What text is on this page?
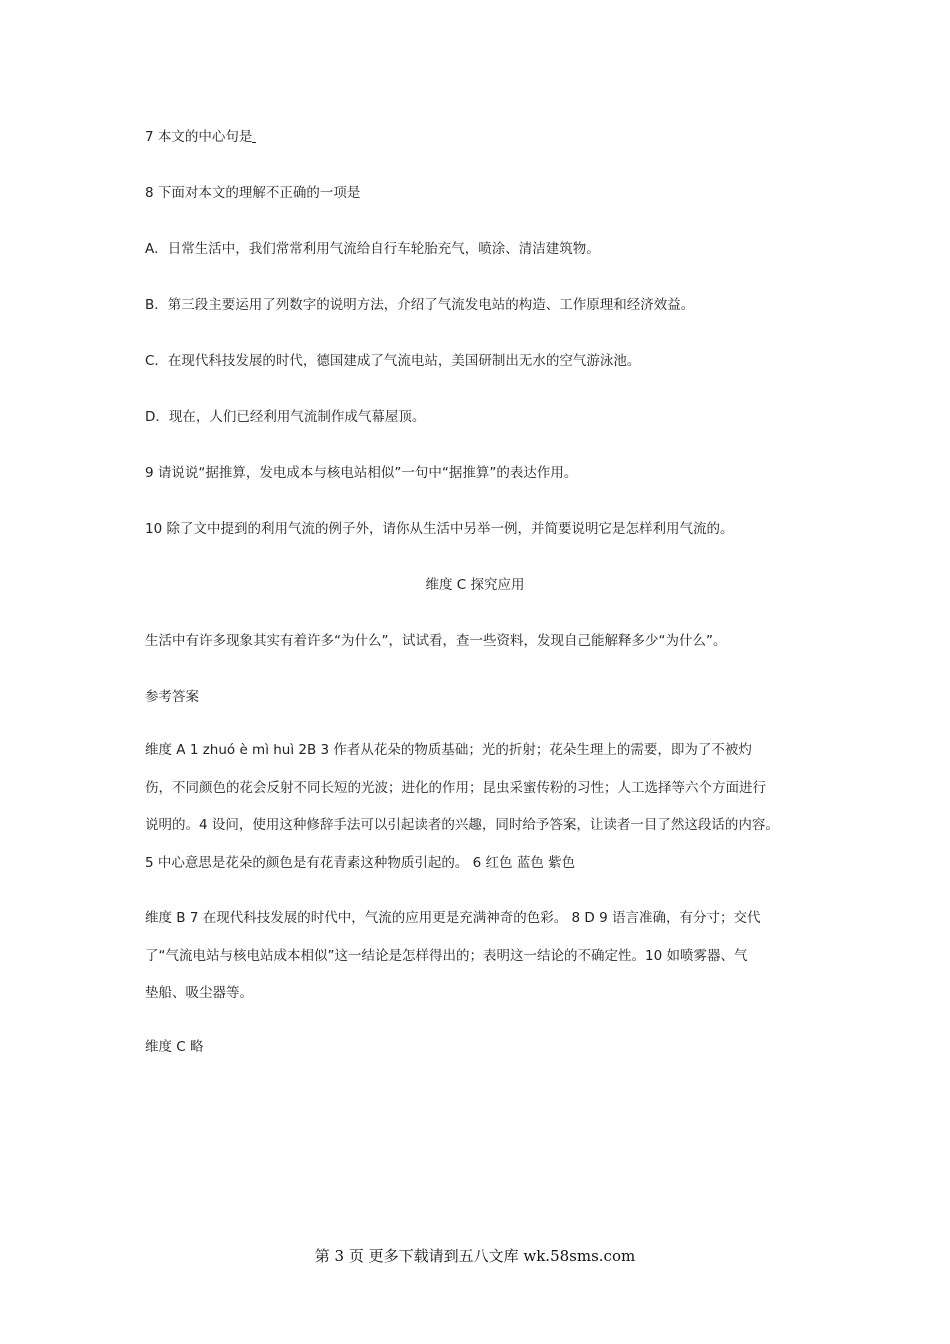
7 本文的中心句是
8 下面对本文的理解不正确的一项是
A．日常生活中，我们常常利用气流给自行车轮胎充气，喷涂、清洁建筑物。
B．第三段主要运用了列数字的说明方法，介绍了气流发电站的构造、工作原理和经济效益。
C．在现代科技发展的时代，德国建成了气流电站，美国研制出无水的空气游泳池。
D．现在，人们已经利用气流制作成气幕屋顶。
9 请说说“据推算，发电成本与核电站相似”一句中“据推算”的表达作用。
10 除了文中提到的利用气流的例子外，请你从生活中另举一例，并简要说明它是怎样利用气流的。
维度 C 探究应用
生活中有许多现象其实有着许多“为什么”，试试看，查一些资料，发现自己能解释多少“为什么”。
参考答案
维度 A 1 zhuó è mì huì 2B 3 作者从花朵的物质基础；光的折射；花朵生理上的需要，即为了不被灼
伤，不同颜色的花会反射不同长短的光波；进化的作用；昆虫采蜜传粉的习性；人工选择等六个方面进行
说明的。4 设问，使用这种修辞手法可以引起读者的兴趣，同时给予答案，让读者一目了然这段话的内容。
5 中心意思是花朵的颜色是有花青素这种物质引起的。 6 红色 蓝色 紫色
维度 B 7 在现代科技发展的时代中，气流的应用更是充满神奇的色彩。 8 D 9 语言准确，有分寸；交代
了“气流电站与核电站成本相似”这一结论是怎样得出的；表明这一结论的不确定性。10 如喷雾器、气
垫船、吸尘器等。
维度 C 略
第 3 页 更多下载请到五八文库 wk.58sms.com
